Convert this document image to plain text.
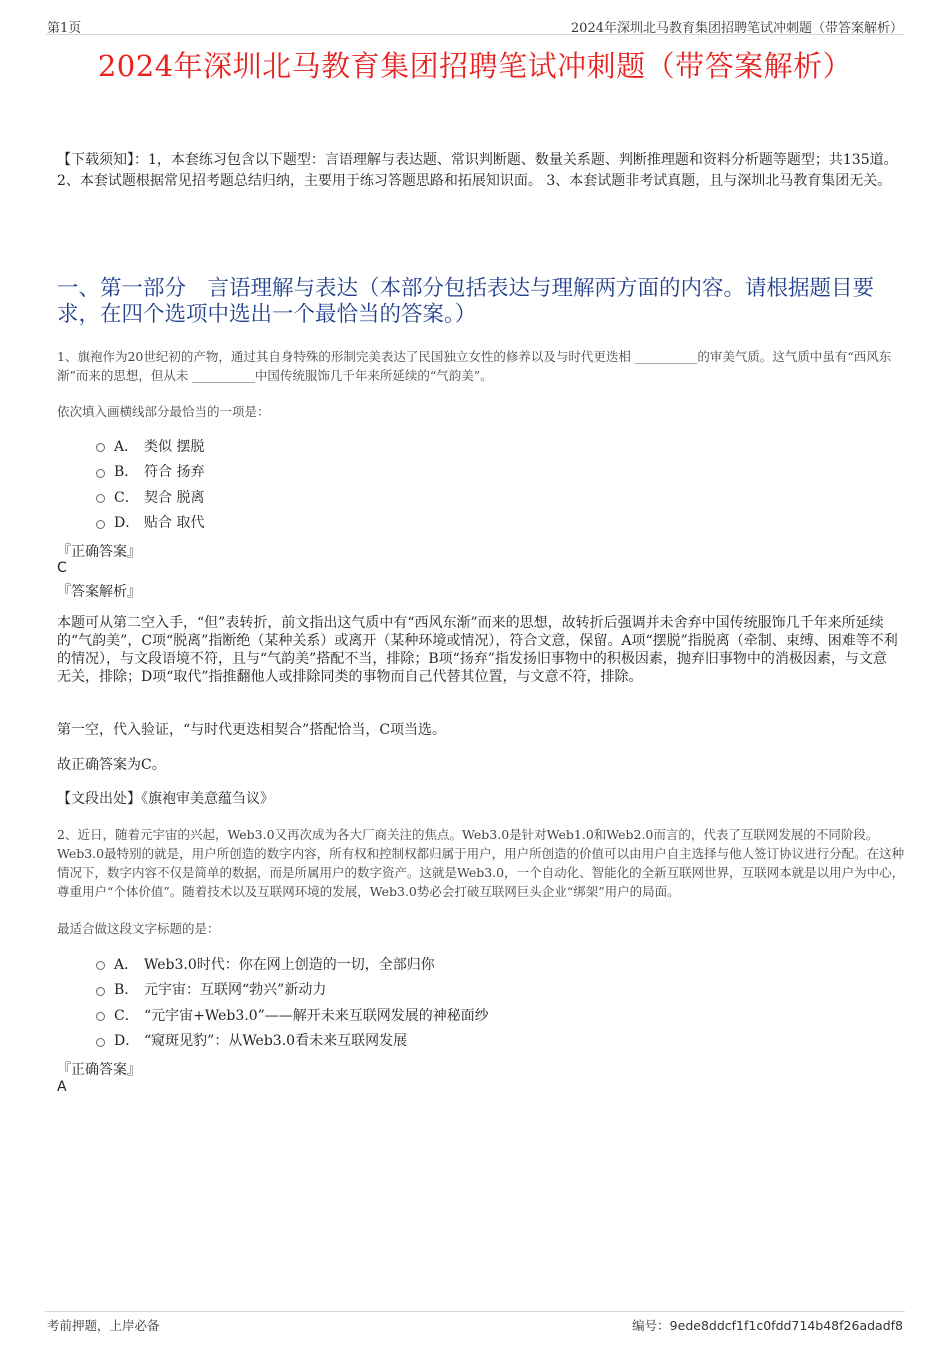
第1页	2024年深圳北马教育集团招聘笔试冲刺题（带答案解析）
2024年深圳北马教育集团招聘笔试冲刺题（带答案解析）
【下载须知】：1，本套练习包含以下题型：言语理解与表达题、常识判断题、数量关系题、判断推理题和资料分析题等题型；共135道。 2、本套试题根据常见招考题总结归纳，主要用于练习答题思路和拓展知识面。 3、本套试题非考试真题，且与深圳北马教育集团无关。
一、第一部分　言语理解与表达（本部分包括表达与理解两方面的内容。请根据题目要求，在四个选项中选出一个最恰当的答案。）
1、旗袍作为20世纪初的产物，通过其自身特殊的形制完美表达了民国独立女性的修养以及与时代更迭相 __________的审美气质。这气质中虽有“西风东渐”而来的思想，但从未 __________中国传统服饰几千年来所延续的“气韵美”。
依次填入画横线部分最恰当的一项是：
A． 类似 摆脱
B． 符合 扬弃
C． 契合 脱离
D． 贴合 取代
『正确答案』
C
『答案解析』
本题可从第二空入手，“但”表转折，前文指出这气质中有“西风东渐”而来的思想，故转折后强调并未舍弃中国传统服饰几千年来所延续的“气韵美”，C项“脱离”指断绝（某种关系）或离开（某种环境或情况），符合文意，保留。A项“摆脱”指脱离（牵制、束缚、困难等不利的情况），与文段语境不符，且与“气韵美”搭配不当，排除；B项“扬弃”指发扬旧事物中的积极因素，抛弃旧事物中的消极因素，与文意无关，排除；D项“取代”指推翻他人或排除同类的事物而自己代替其位置，与文意不符，排除。
第一空，代入验证，“与时代更迭相契合”搭配恰当，C项当选。
故正确答案为C。
【文段出处】《旗袍审美意蕴刍议》
2、近日，随着元宇宙的兴起，Web3.0又再次成为各大厂商关注的焦点。Web3.0是针对Web1.0和Web2.0而言的，代表了互联网发展的不同阶段。Web3.0最特别的就是，用户所创造的数字内容，所有权和控制权都归属于用户，用户所创造的价值可以由用户自主选择与他人签订协议进行分配。在这种情况下，数字内容不仅是简单的数据，而是所属用户的数字资产。这就是Web3.0，一个自动化、智能化的全新互联网世界，互联网本就是以用户为中心，尊重用户“个体价值”。随着技术以及互联网环境的发展，Web3.0势必会打破互联网巨头企业“绑架”用户的局面。
最适合做这段文字标题的是：
A． Web3.0时代：你在网上创造的一切，全部归你
B． 元宇宙：互联网“勃兴”新动力
C． “元宇宙+Web3.0”——解开未来互联网发展的神秘面纱
D． “窥斑见豹”：从Web3.0看未来互联网发展
『正确答案』
A
考前押题，上岸必备	编号：9ede8ddcf1f1c0fdd714b48f26adadf8
